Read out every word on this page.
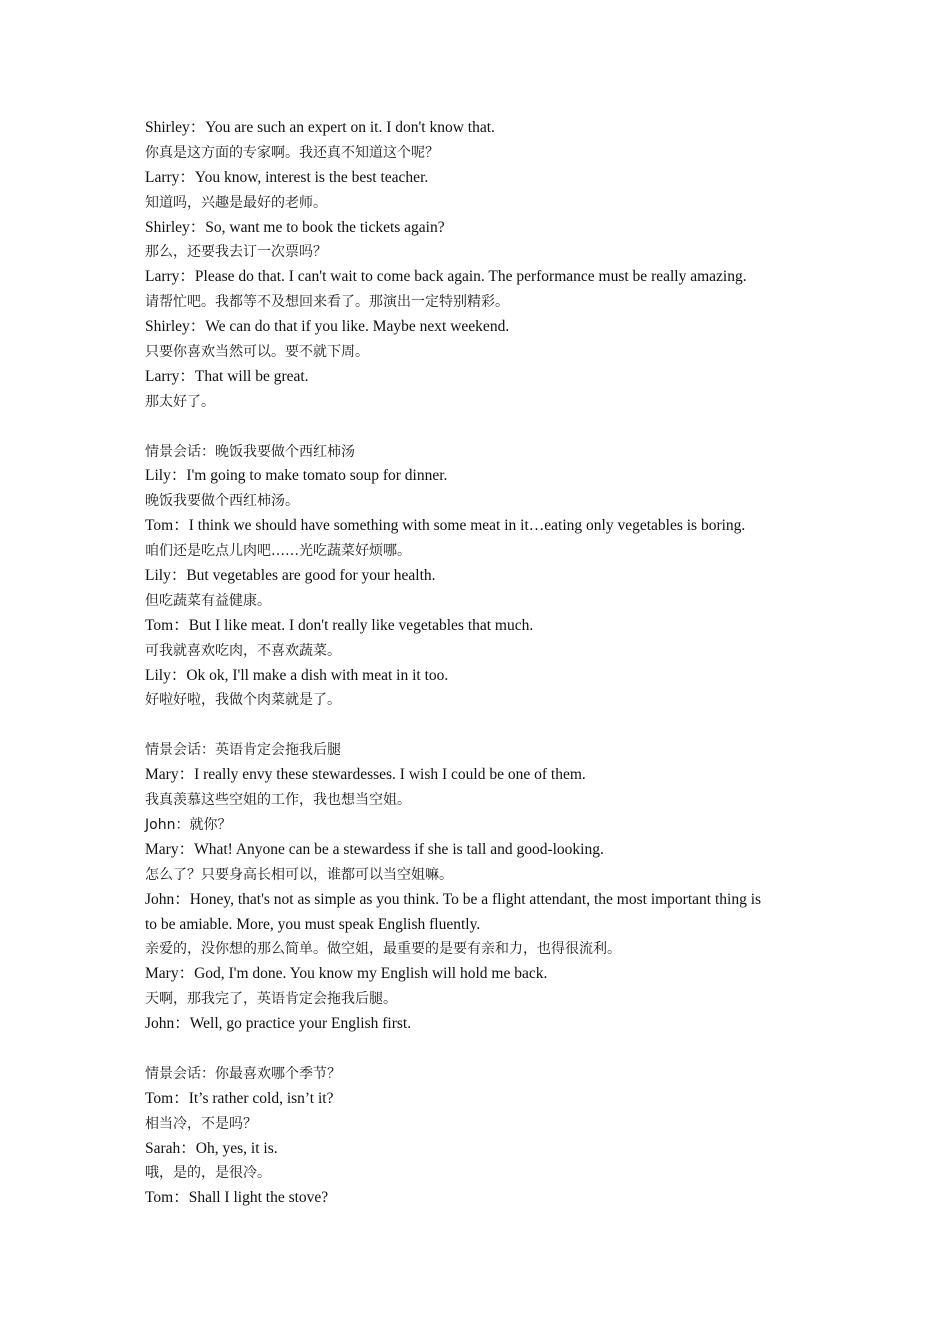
Shirley：You are such an expert on it. I don't know that.
你真是这方面的专家啊。我还真不知道这个呢？
Larry：You know, interest is the best teacher.
知道吗，兴趣是最好的老师。
Shirley：So, want me to book the tickets again?
那么，还要我去订一次票吗？
Larry：Please do that. I can't wait to come back again. The performance must be really amazing.
请帮忙吧。我都等不及想回来看了。那演出一定特别精彩。
Shirley：We can do that if you like. Maybe next weekend.
只要你喜欢当然可以。要不就下周。
Larry：That will be great.
那太好了。
情景会话：晚饭我要做个西红柿汤
Lily：I'm going to make tomato soup for dinner.
晚饭我要做个西红柿汤。
Tom：I think we should have something with some meat in it…eating only vegetables is boring.
咱们还是吃点儿肉吧……光吃蔬菜好烦哪。
Lily：But vegetables are good for your health.
但吃蔬菜有益健康。
Tom：But I like meat. I don't really like vegetables that much.
可我就喜欢吃肉，不喜欢蔬菜。
Lily：Ok ok, I'll make a dish with meat in it too.
好啦好啦，我做个肉菜就是了。
情景会话：英语肯定会拖我后腿
Mary：I really envy these stewardesses. I wish I could be one of them.
我真羡慕这些空姐的工作，我也想当空姐。
John：就你？
Mary：What! Anyone can be a stewardess if she is tall and good-looking.
怎么了？只要身高长相可以，谁都可以当空姐嘛。
John：Honey, that's not as simple as you think. To be a flight attendant, the most important thing is
to be amiable. More, you must speak English fluently.
亲爱的，没你想的那么简单。做空姐，最重要的是要有亲和力，也得很流利。
Mary：God, I'm done. You know my English will hold me back.
天啊，那我完了，英语肯定会拖我后腿。
John：Well, go practice your English first.
情景会话：你最喜欢哪个季节？
Tom：It’s rather cold, isn’t it?
相当冷，不是吗？
Sarah：Oh, yes, it is.
哦，是的，是很冷。
Tom：Shall I light the stove?
